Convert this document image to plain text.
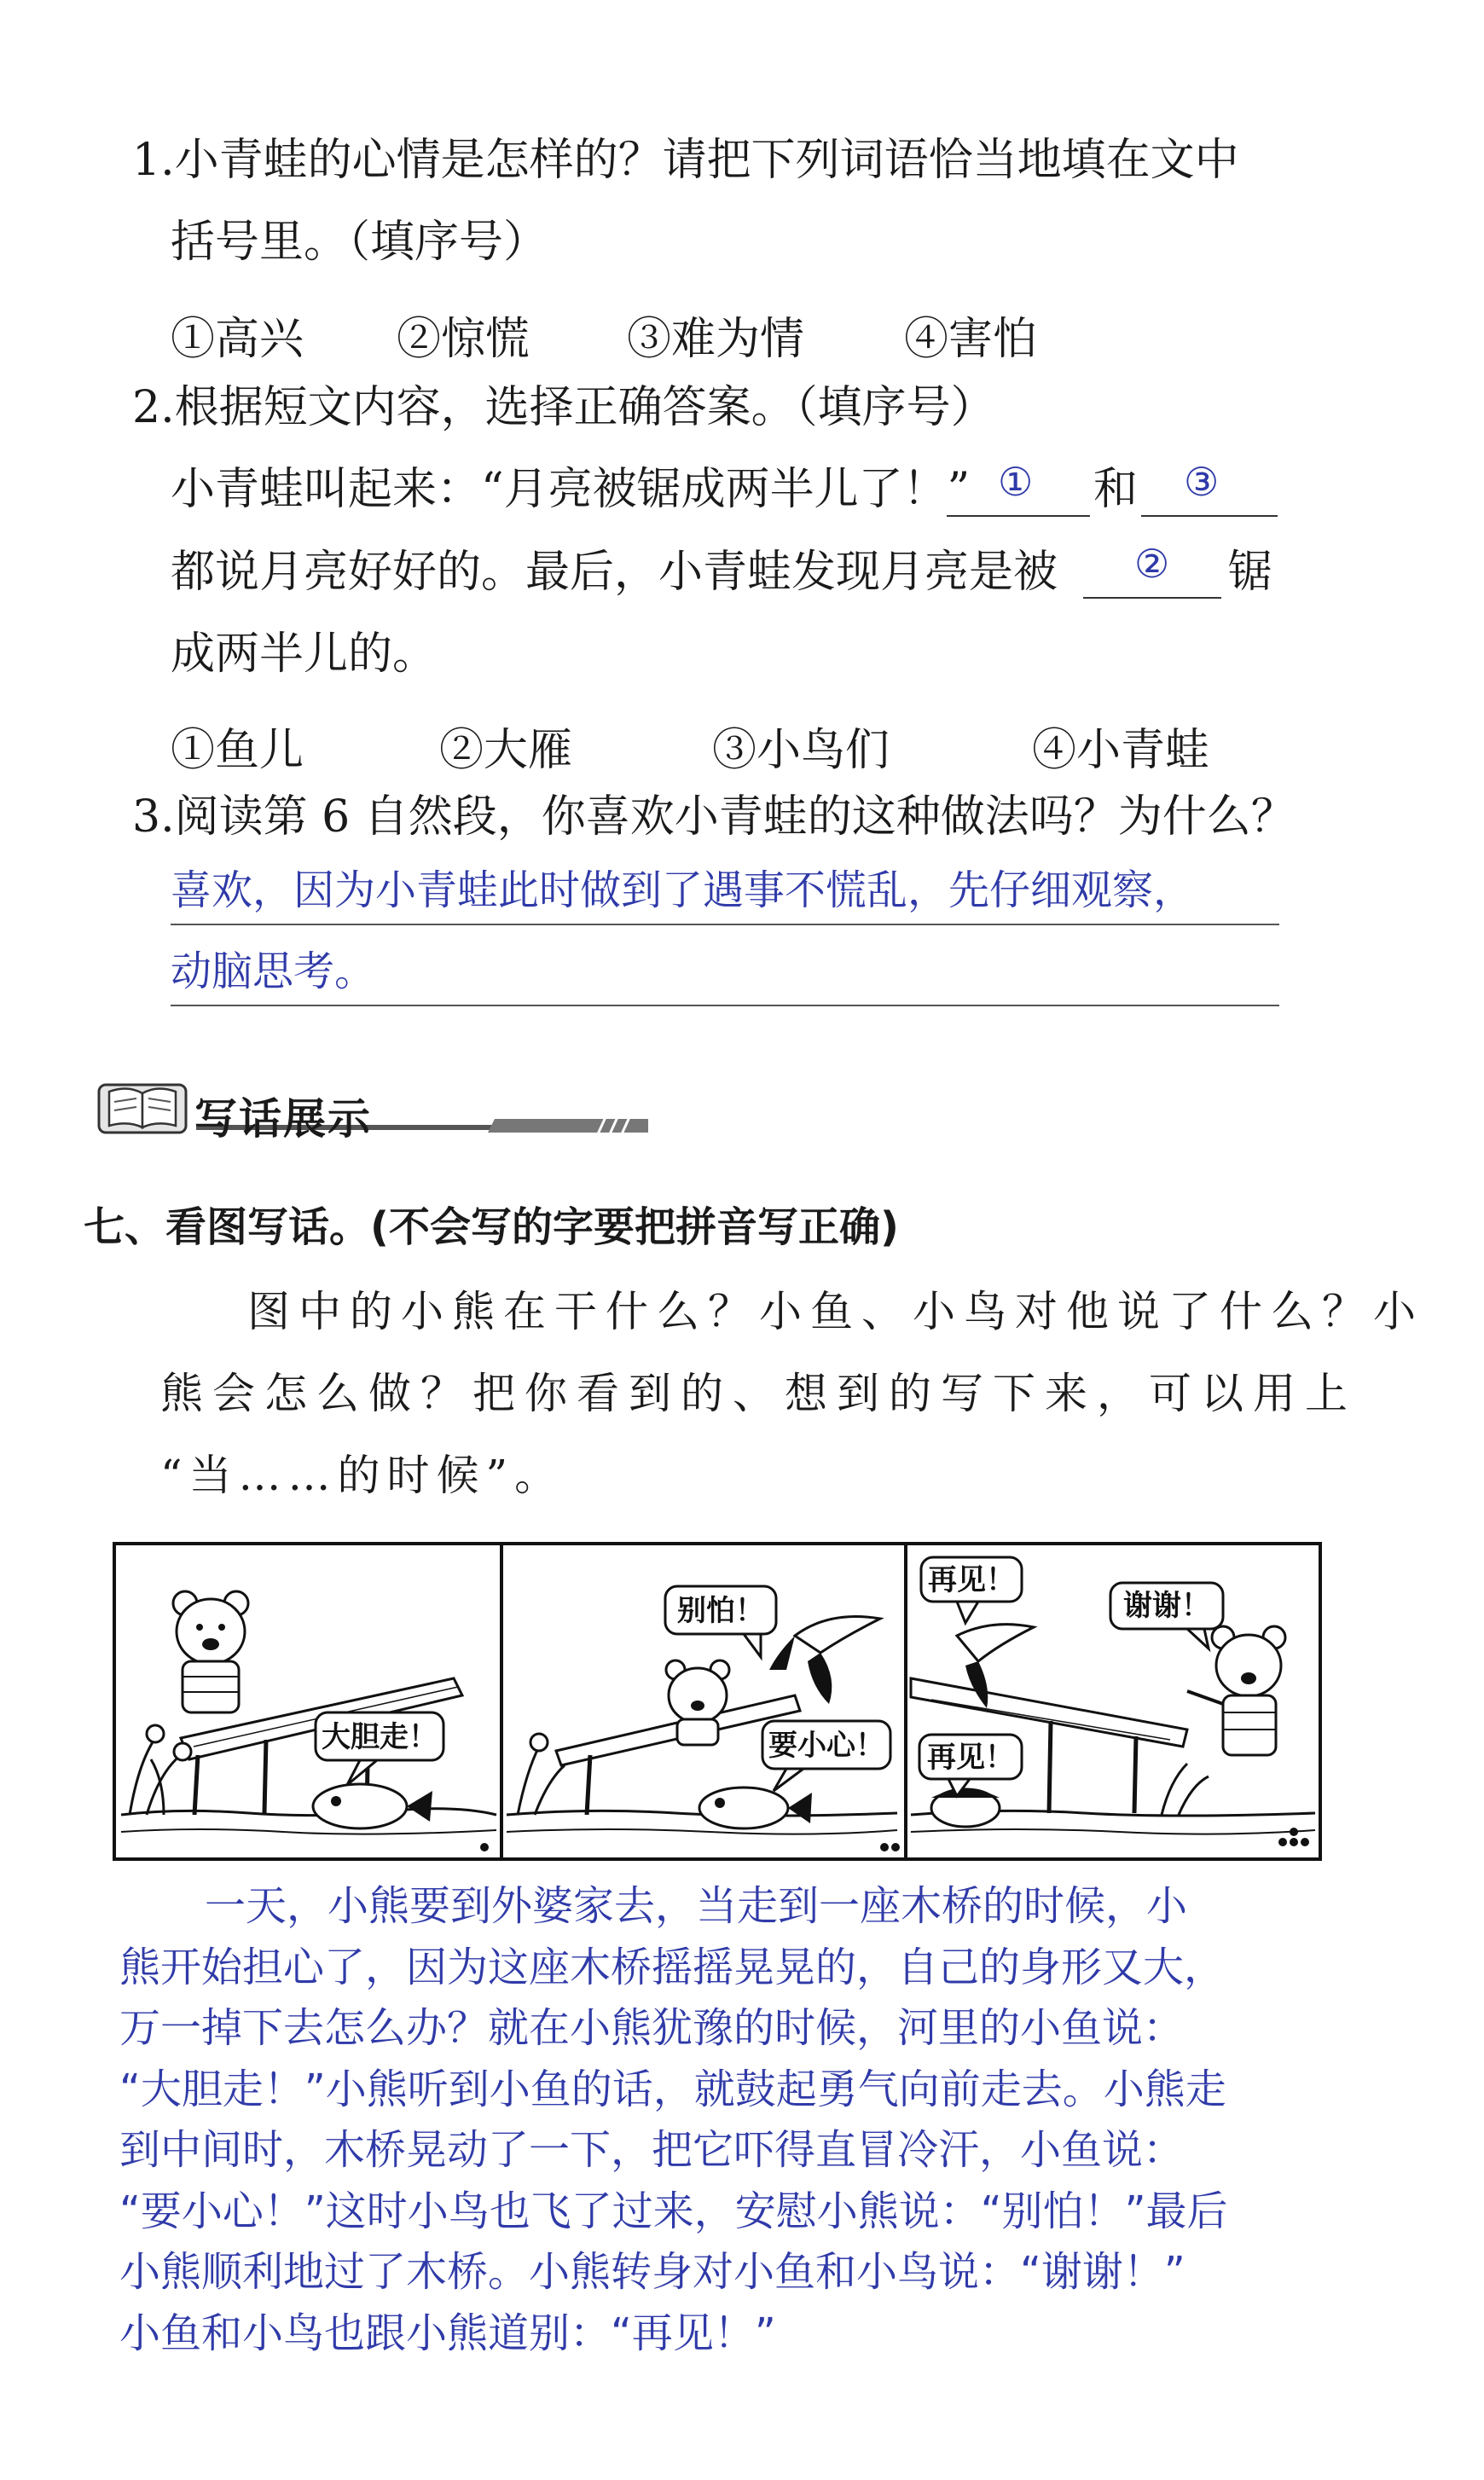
1.小青蛙的心情是怎样的？请把下列词语恰当地填在文中
括号里。（填序号）
①高兴 ②惊慌 ③难为情 ④害怕
2.根据短文内容，选择正确答案。（填序号）
小青蛙叫起来：“月亮被锯成两半儿了！” ① 和 ③
都说月亮好好的。最后，小青蛙发现月亮是被 ② 锯
成两半儿的。
①鱼儿	②大雁	③小鸟们	④小青蛙
3.阅读第 6 自然段，你喜欢小青蛙的这种做法吗？为什么？
喜欢，因为小青蛙此时做到了遇事不慌乱，先仔细观察，
动脑思考。
写话展示
七、看图写话。(不会写的字要把拼音写正确)
图中的小熊在干什么？小鱼、小鸟对他说了什么？小
熊会怎么做？把你看到的、想到的写下来，可以用上
“当……的时候”。
大胆走！
别怕！
要小心！
再见！
谢谢！
再见！
一天，小熊要到外婆家去，当走到一座木桥的时候，小
熊开始担心了，因为这座木桥摇摇晃晃的，自己的身形又大，
万一掉下去怎么办？就在小熊犹豫的时候，河里的小鱼说：
“大胆走！”小熊听到小鱼的话，就鼓起勇气向前走去。小熊走
到中间时，木桥晃动了一下，把它吓得直冒冷汗，小鱼说：
“要小心！”这时小鸟也飞了过来，安慰小熊说：“别怕！”最后
小熊顺利地过了木桥。小熊转身对小鱼和小鸟说：“谢谢！”
小鱼和小鸟也跟小熊道别：“再见！”
